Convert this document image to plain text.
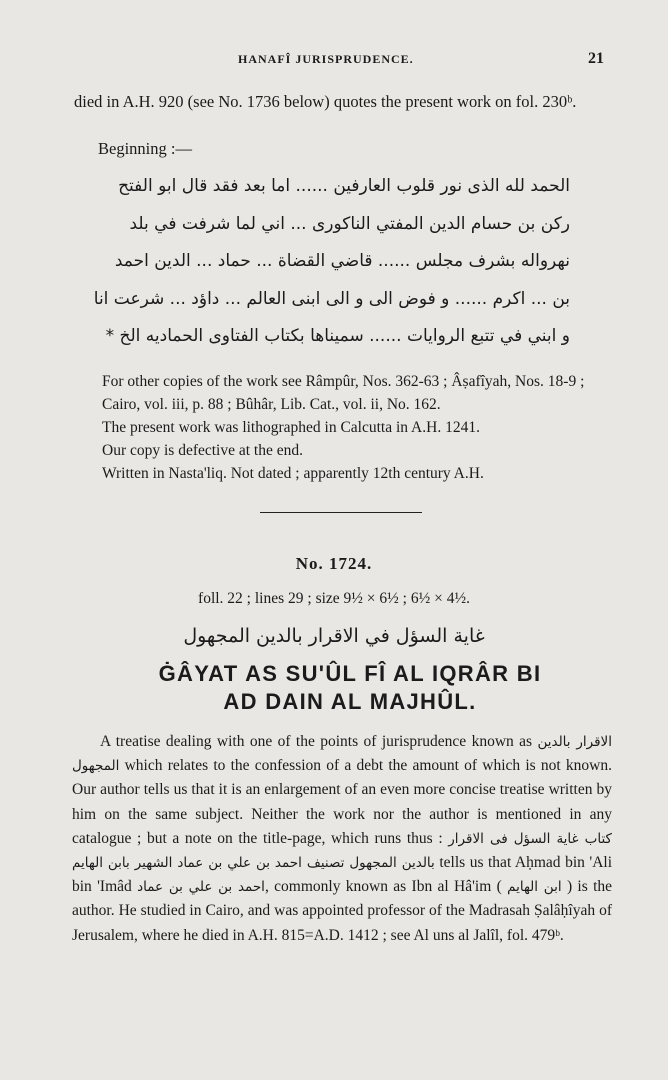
HANAFÎ JURISPRUDENCE.	21

died in A.H. 920 (see No. 1736 below) quotes the present work on fol. 230ᵇ.

Beginning :—

الحمد لله الذى نور قلوب العارفين ...... اما بعد فقد قال ابو الفتح
ركن بن حسام الدين المفتي الناكورى ... اني لما شرفت في بلد
نهرواله بشرف مجلس ...... قاضي القضاة ... حماد ... الدين احمد
بن ... اكرم ...... و فوض الى و الى ابنى العالم ... داؤد ... شرعت انا
و ابني في تتبع الروايات ...... سميناها بكتاب الفتاوى الحماديه الخ *

For other copies of the work see Râmpûr, Nos. 362-63 ; Âṣafîyah, Nos. 18-9 ; Cairo, vol. iii, p. 88 ; Bûhâr, Lib. Cat., vol. ii, No. 162.

The present work was lithographed in Calcutta in A.H. 1241.

Our copy is defective at the end.

Written in Nasta'liq. Not dated ; apparently 12th century A.H.

No. 1724.
foll. 22 ; lines 29 ; size 9½ × 6½ ; 6½ × 4½.
غاية السؤل في الاقرار بالدين المجهول
ĠÂYAT AS SU'ÛL FÎ AL IQRÂR BI
AD DAIN AL MAJHÛL.
A treatise dealing with one of the points of jurisprudence known as الاقرار بالدين المجهول which relates to the confession of a debt the amount of which is not known. Our author tells us that it is an enlargement of an even more concise treatise written by him on the same subject. Neither the work nor the author is mentioned in any catalogue ; but a note on the title-page, which runs thus : كتاب غاية السؤل فى الاقرار بالدين المجهول تصنيف احمد بن علي بن عماد الشهير بابن الهايم tells us that Aḥmad bin 'Ali bin 'Imâd احمد بن علي بن عماد, commonly known as Ibn al Hâ'im ( ابن الهايم ) is the author. He studied in Cairo, and was appointed professor of the Madrasah Ṣalâḥîyah of Jerusalem, where he died in A.H. 815=A.D. 1412 ; see Al uns al Jalîl, fol. 479ᵇ.
